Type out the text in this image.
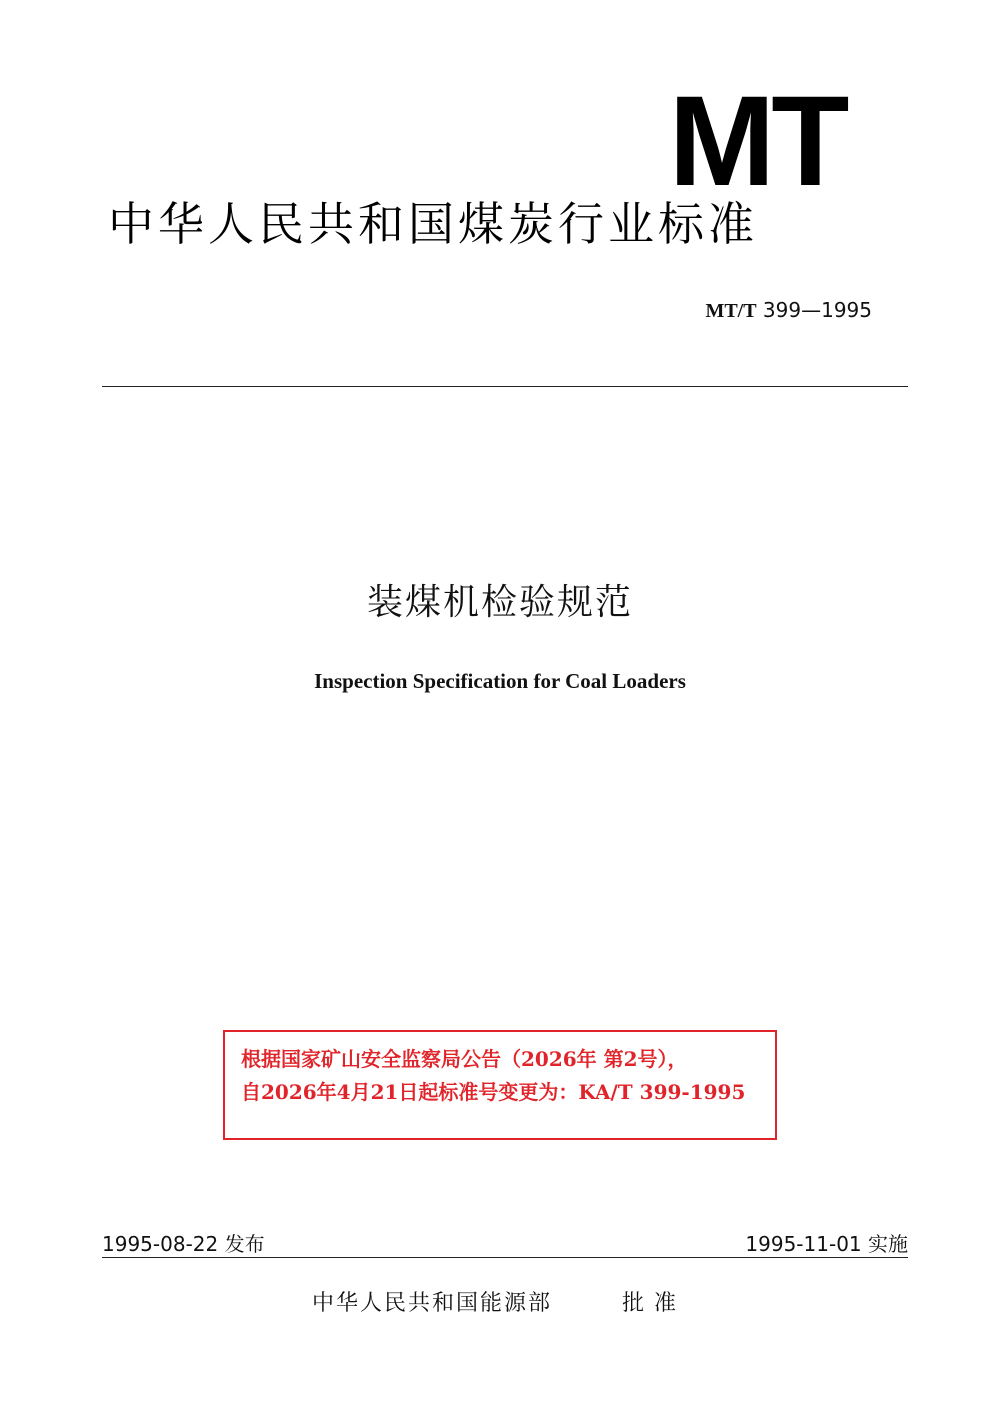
MT
中华人民共和国煤炭行业标准
MT/T 399—1995
装煤机检验规范
Inspection Specification for Coal Loaders
根据国家矿山安全监察局公告（2026年 第2号），
自2026年4月21日起标准号变更为：KA/T 399-1995
1995-08-22 发布	1995-11-01 实施
中华人民共和国能源部	批准
